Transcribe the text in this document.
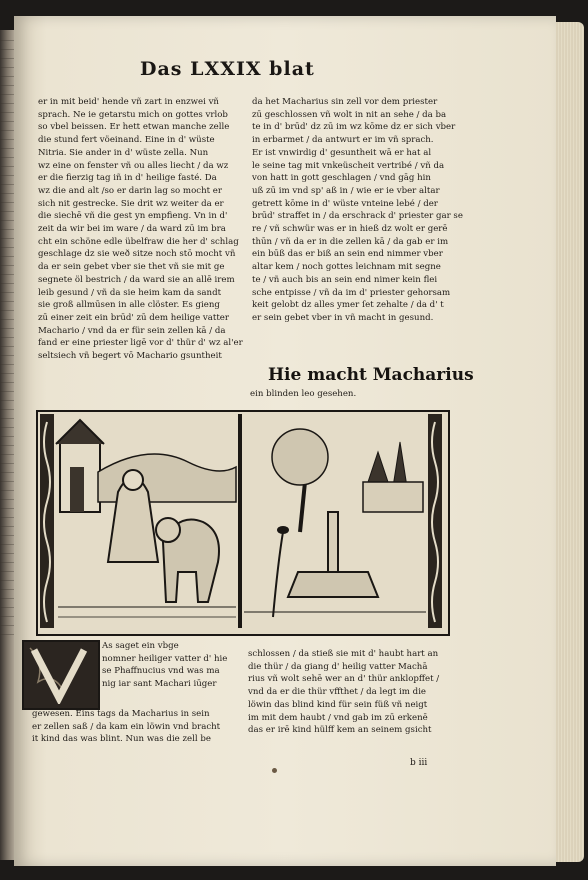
Das LXXIX blat
er in mit beid' hende vñ zart in enzwei vñ
sprach. Ne ie getarstu mich on gottes vrlob
so vbel beissen. Er hett etwan manche zelle
die stund fert vöeinand. Eine in d' wüste
Nitria. Sie ander in d' wüste zella. Nun
wz eine on fenster vñ ou alles liecht / da wz
er die fierzig tag iñ in d' heilige fasté. Da
wz die and alt /so er darin lag so mocht er
sich nit gestrecke. Sie drit wz weiter da er
die siechē vñ die gest yn empfieng. Vn in d'
zeit da wir bei im ware / da ward zū im bra
cht ein schöne edle übelfraw die her d' schlag
geschlage dz sie weð sitze noch stō mocht vñ
da er sein gebet vber sie thet vñ sie mit ge
segnete öl bestrich / da ward sie an allē irem
leib gesund / vñ da sie heim kam da sandt
sie groß allmūsen in alle clöster. Es gieng
zū einer zeit ein brūd' zū dem heilige vatter
Machario / vnd da er für sein zellen kā / da
fand er eine priester ligē vor d' thür d' wz al'er
seltsiech vñ begert vō Machario gsuntheit
da het Macharius sin zell vor dem priester
zū geschlossen vñ wolt in nit an sehe / da ba
te in d' brūd' dz zū im wz kōme dz er sich vber
in erbarmet / da antwurt er im vñ sprach.
Er ist vnwirdig d' gesuntheit wā er hat al
le seine tag mit vnkeüscheit vertribé / vñ da
von hatt in gott geschlagen / vnd gāg hin
uß zū im vnd sp' aß in / wie er ie vber altar
getrett kōme in d' wüste vnteine lebé / der
brūd' straffet in / da erschrack d' priester gar se
re / vñ schwür was er in hieß dz wolt er gerē
thūn / vñ da er in die zellen kā / da gab er im
ein būß das er biß an sein end nimmer vber
altar kem / noch gottes leichnam mit segne
te / vñ auch bis an sein end nimer kein flei
sche entpisse / vñ da im d' priester gehorsam
keit gelobt dz alles ymer ſet zehalte / da d' t
er sein gebet vber in vñ macht in gesund.
Hie macht Macharius
ein blinden leo gesehen.
As saget ein vbge
nomner heiliger vatter d' hie
se Phaffnucius vnd was ma
nig iar sant Machari iūger
gewesen. Eins tags da Macharius in sein
er zellen saß / da kam ein löwin vnd bracht
it kind das was blint. Nun was die zell be
schlossen / da stieß sie mit d' haubt hart an
die thür / da giang d' heilig vatter Machā
rius vñ wolt sehē wer an d' thür anklopffet /
vnd da er die thür vffthet / da legt im die
löwin das blind kind für sein füß vñ neigt
im mit dem haubt / vnd gab im zū erkenē
das er irē kind hülff kem an seinem gsicht
b iii
